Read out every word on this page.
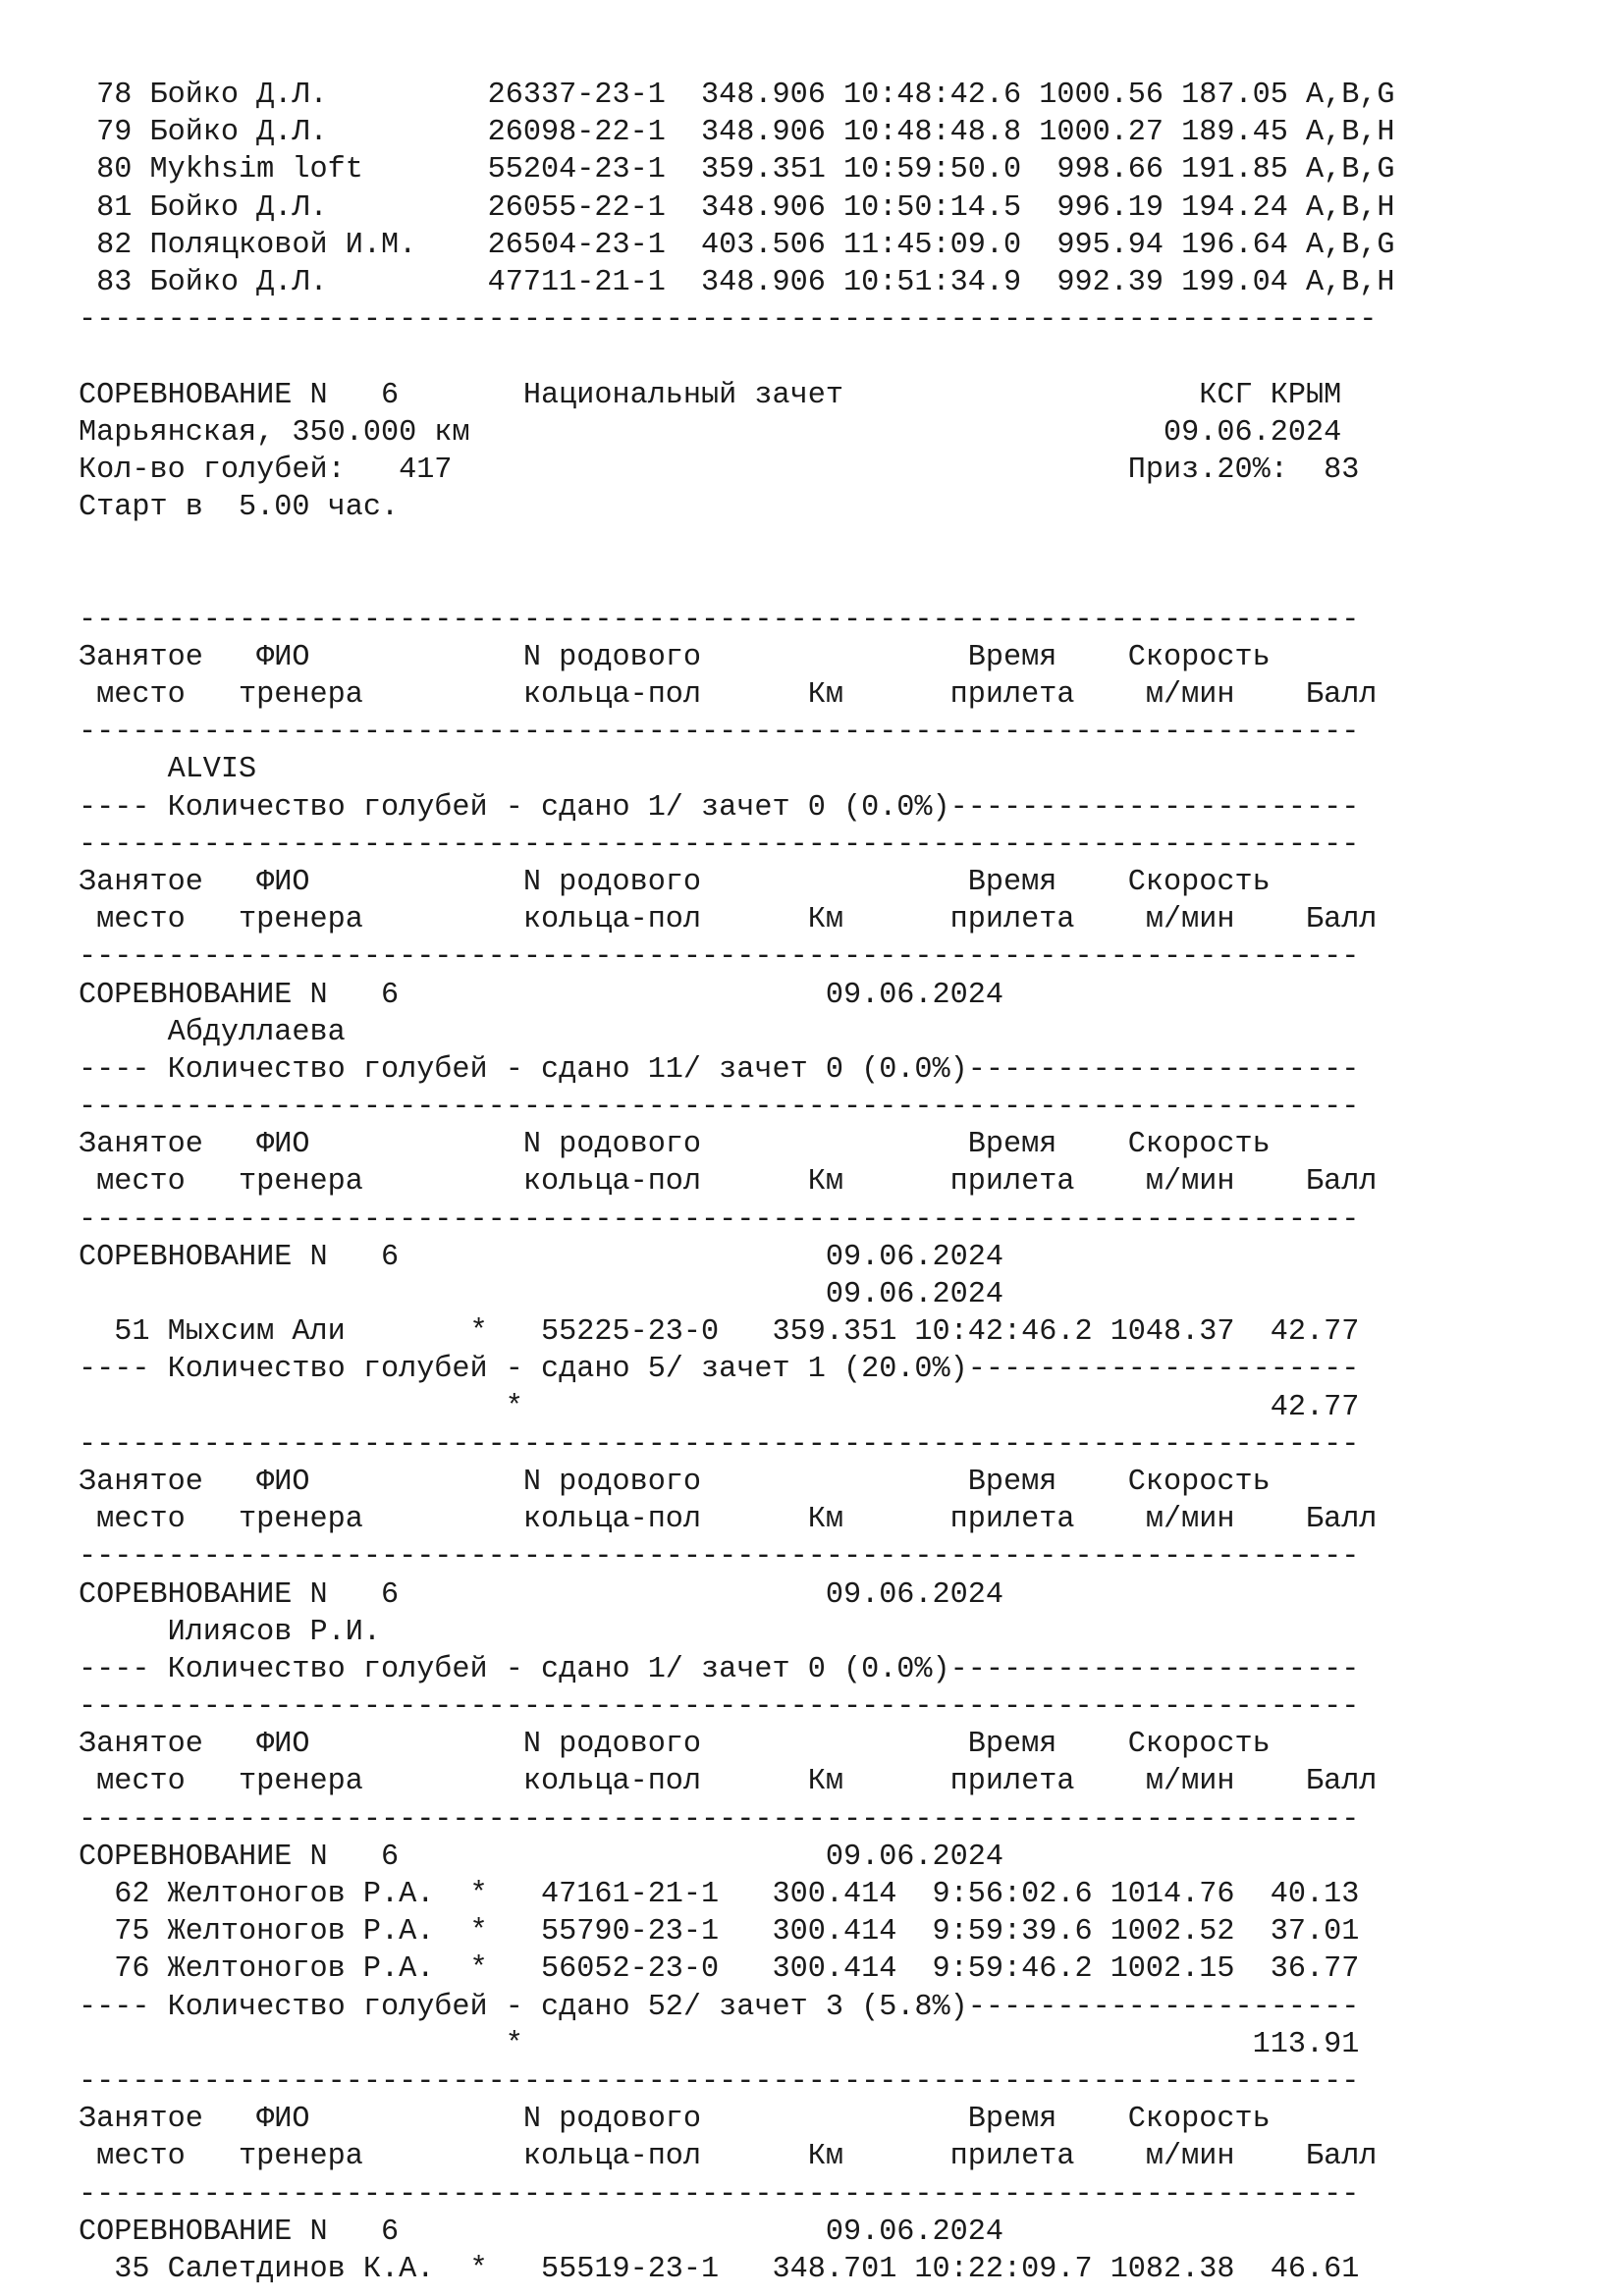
78 Бойко Д.Л.         26337-23-1  348.906 10:48:42.6 1000.56 187.05 A,B,G
79 Бойко Д.Л.         26098-22-1  348.906 10:48:48.8 1000.27 189.45 A,B,H
80 Mykhsim loft       55204-23-1  359.351 10:59:50.0  998.66 191.85 A,B,G
81 Бойко Д.Л.         26055-22-1  348.906 10:50:14.5  996.19 194.24 A,B,H
82 Поляцковой И.М.    26504-23-1  403.506 11:45:09.0  995.94 196.64 A,B,G
83 Бойко Д.Л.         47711-21-1  348.906 10:51:34.9  992.39 199.04 A,B,H
-------------------------------------------------------------------------
СОРЕВНОВАНИЕ N   6       Национальный зачет                    КСГ КРЫМ
Марьянская, 350.000 км                                       09.06.2024
Кол-во голубей:   417                                      Приз.20%:  83
Старт в  5.00 час.
------------------------------------------------------------------------
Занятое   ФИО            N родового               Время    Скорость
место   тренера         кольца-пол      Км      прилета    м/мин    Балл
------------------------------------------------------------------------
ALVIS
---- Количество голубей - сдано 1/ зачет 0 (0.0%)-----------------------
------------------------------------------------------------------------
Занятое   ФИО            N родового               Время    Скорость
место   тренера         кольца-пол      Км      прилета    м/мин    Балл
------------------------------------------------------------------------
СОРЕВНОВАНИЕ N   6                        09.06.2024
Абдуллаева
---- Количество голубей - сдано 11/ зачет 0 (0.0%)----------------------
------------------------------------------------------------------------
Занятое   ФИО            N родового               Время    Скорость
место   тренера         кольца-пол      Км      прилета    м/мин    Балл
------------------------------------------------------------------------
СОРЕВНОВАНИЕ N   6                        09.06.2024
09.06.2024
51 Мыхсим Али       *   55225-23-0   359.351 10:42:46.2 1048.37  42.77
---- Количество голубей - сдано 5/ зачет 1 (20.0%)----------------------
*                                          42.77
------------------------------------------------------------------------
Занятое   ФИО            N родового               Время    Скорость
место   тренера         кольца-пол      Км      прилета    м/мин    Балл
------------------------------------------------------------------------
СОРЕВНОВАНИЕ N   6                        09.06.2024
Илиясов Р.И.
---- Количество голубей - сдано 1/ зачет 0 (0.0%)-----------------------
------------------------------------------------------------------------
Занятое   ФИО            N родового               Время    Скорость
место   тренера         кольца-пол      Км      прилета    м/мин    Балл
------------------------------------------------------------------------
СОРЕВНОВАНИЕ N   6                        09.06.2024
62 Желтоногов Р.А.  *   47161-21-1   300.414  9:56:02.6 1014.76  40.13
75 Желтоногов Р.А.  *   55790-23-1   300.414  9:59:39.6 1002.52  37.01
76 Желтоногов Р.А.  *   56052-23-0   300.414  9:59:46.2 1002.15  36.77
---- Количество голубей - сдано 52/ зачет 3 (5.8%)----------------------
*                                         113.91
------------------------------------------------------------------------
Занятое   ФИО            N родового               Время    Скорость
место   тренера         кольца-пол      Км      прилета    м/мин    Балл
------------------------------------------------------------------------
СОРЕВНОВАНИЕ N   6                        09.06.2024
35 Салетдинов К.А.  *   55519-23-1   348.701 10:22:09.7 1082.38  46.61
